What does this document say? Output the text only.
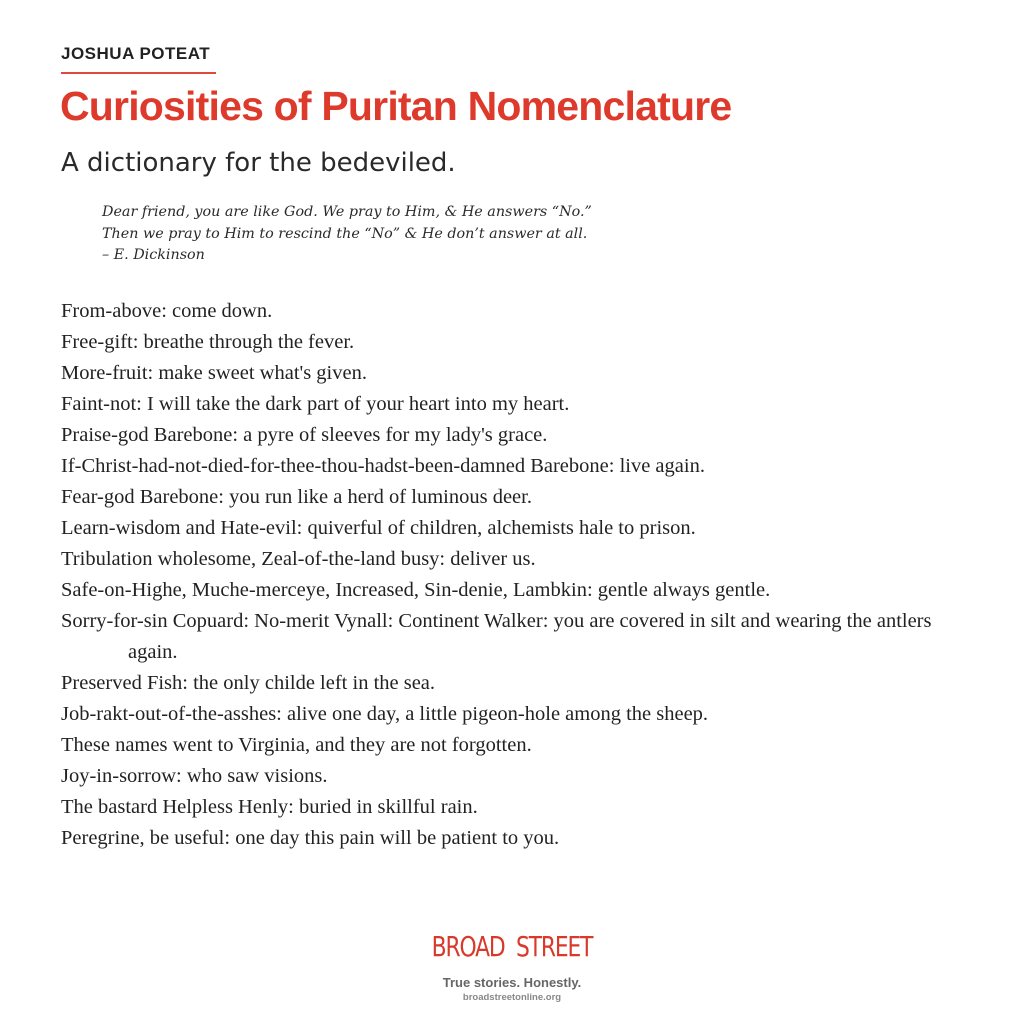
JOSHUA POTEAT
Curiosities of Puritan Nomenclature
A dictionary for the bedeviled.
Dear friend, you are like God. We pray to Him, & He answers “No.”
Then we pray to Him to rescind the “No” & He don’t answer at all.
– E. Dickinson
From-above: come down.
Free-gift: breathe through the fever.
More-fruit: make sweet what's given.
Faint-not: I will take the dark part of your heart into my heart.
Praise-god Barebone: a pyre of sleeves for my lady's grace.
If-Christ-had-not-died-for-thee-thou-hadst-been-damned Barebone: live again.
Fear-god Barebone: you run like a herd of luminous deer.
Learn-wisdom and Hate-evil: quiverful of children, alchemists hale to prison.
Tribulation wholesome, Zeal-of-the-land busy: deliver us.
Safe-on-Highe, Muche-merceye, Increased, Sin-denie, Lambkin: gentle always gentle.
Sorry-for-sin Copuard: No-merit Vynall: Continent Walker: you are covered in silt and wearing the antlers again.
Preserved Fish: the only childe left in the sea.
Job-rakt-out-of-the-asshes: alive one day, a little pigeon-hole among the sheep.
These names went to Virginia, and they are not forgotten.
Joy-in-sorrow: who saw visions.
The bastard Helpless Henly: buried in skillful rain.
Peregrine, be useful: one day this pain will be patient to you.
BROAD  STREET
True stories. Honestly.
broadstreetonline.org
